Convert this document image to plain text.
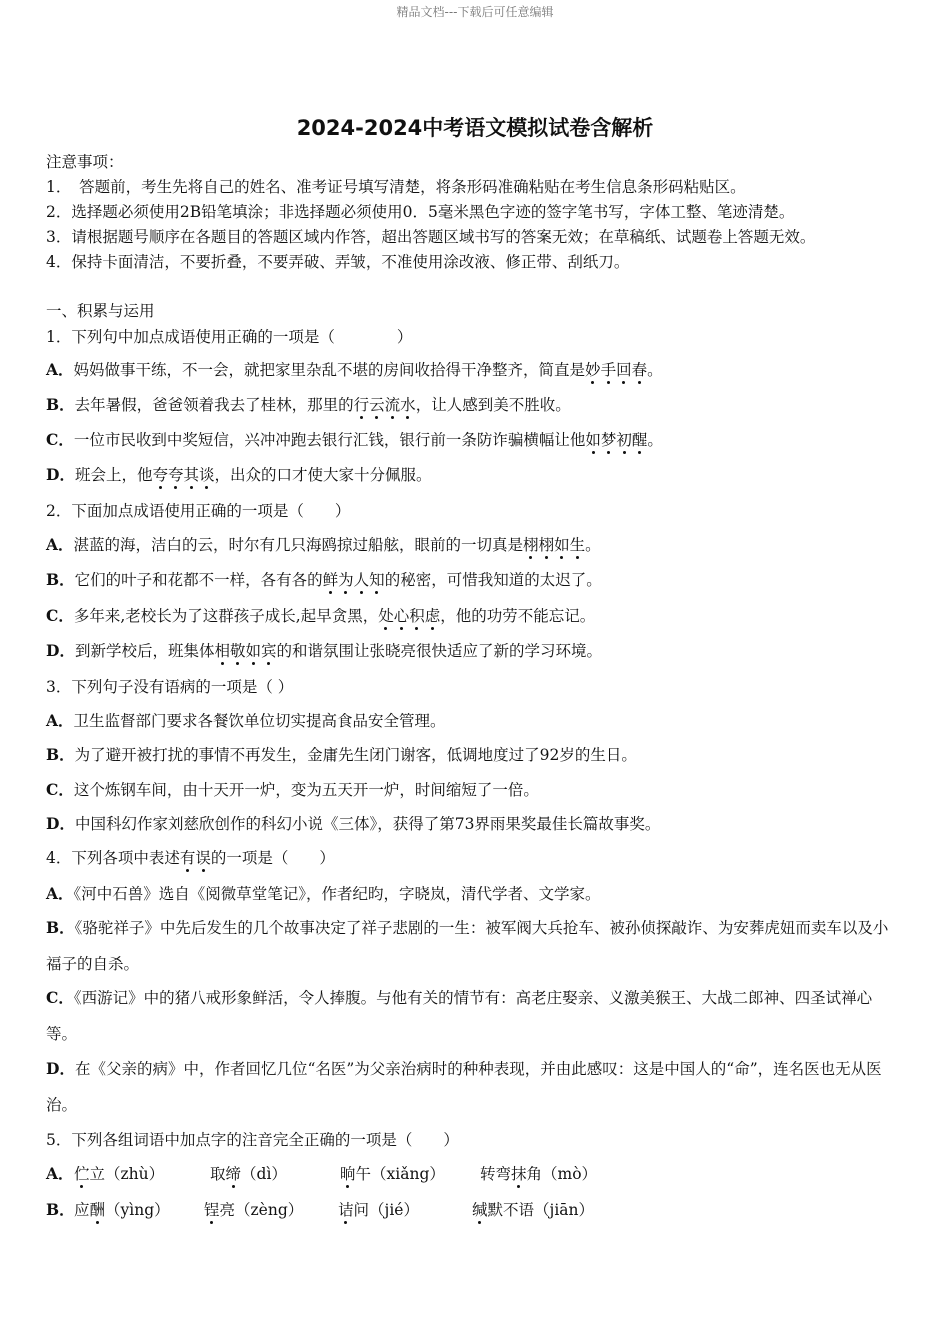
精品文档---下载后可任意编辑
2024-2024中考语文模拟试卷含解析
注意事项：
1．　答题前，考生先将自己的姓名、准考证号填写清楚，将条形码准确粘贴在考生信息条形码粘贴区。
2．选择题必须使用2B铅笔填涂；非选择题必须使用0．5毫米黑色字迹的签字笔书写，字体工整、笔迹清楚。
3．请根据题号顺序在各题目的答题区域内作答，超出答题区域书写的答案无效；在草稿纸、试题卷上答题无效。
4．保持卡面清洁，不要折叠，不要弄破、弄皱，不准使用涂改液、修正带、刮纸刀。
一、积累与运用
1．下列句中加点成语使用正确的一项是（　　　　）
A．妈妈做事干练，不一会，就把家里杂乱不堪的房间收拾得干净整齐，简直是妙手回春。
B．去年暑假，爸爸领着我去了桂林，那里的行云流水，让人感到美不胜收。
C．一位市民收到中奖短信，兴冲冲跑去银行汇钱，银行前一条防诈骗横幅让他如梦初醒。
D．班会上，他夸夸其谈，出众的口才使大家十分佩服。
2．下面加点成语使用正确的一项是（　　）
A．湛蓝的海，洁白的云，时尔有几只海鸥掠过船舷，眼前的一切真是栩栩如生。
B．它们的叶子和花都不一样，各有各的鲜为人知的秘密，可惜我知道的太迟了。
C．多年来,老校长为了这群孩子成长,起早贪黑，处心积虑，他的功劳不能忘记。
D．到新学校后，班集体相敬如宾的和谐氛围让张晓亮很快适应了新的学习环境。
3．下列句子没有语病的一项是（ ）
A．卫生监督部门要求各餐饮单位切实提高食品安全管理。
B．为了避开被打扰的事情不再发生，金庸先生闭门谢客，低调地度过了92岁的生日。
C．这个炼钢车间，由十天开一炉，变为五天开一炉，时间缩短了一倍。
D．中国科幻作家刘慈欣创作的科幻小说《三体》，获得了第73界雨果奖最佳长篇故事奖。
4．下列各项中表述有误的一项是（　　）
A．《河中石兽》选自《阅微草堂笔记》，作者纪昀，字晓岚，清代学者、文学家。
B．《骆驼祥子》中先后发生的几个故事决定了祥子悲剧的一生：被军阀大兵抢车、被孙侦探敲诈、为安葬虎妞而卖车以及小福子的自杀。
C．《西游记》中的猪八戒形象鲜活，令人捧腹。与他有关的情节有：高老庄娶亲、义激美猴王、大战二郎神、四圣试禅心等。
D．在《父亲的病》中，作者回忆几位“名医”为父亲治病时的种种表现，并由此感叹：这是中国人的“命”，连名医也无从医治。
5．下列各组词语中加点字的注音完全正确的一项是（　　）
A． 伫立（zhù）	取缔（dì）	晌午（xiǎng） 转弯抹角（mò）
B． 应酬（yìng） 锃亮（zèng） 诘问（jié）	缄默不语（jiān）
